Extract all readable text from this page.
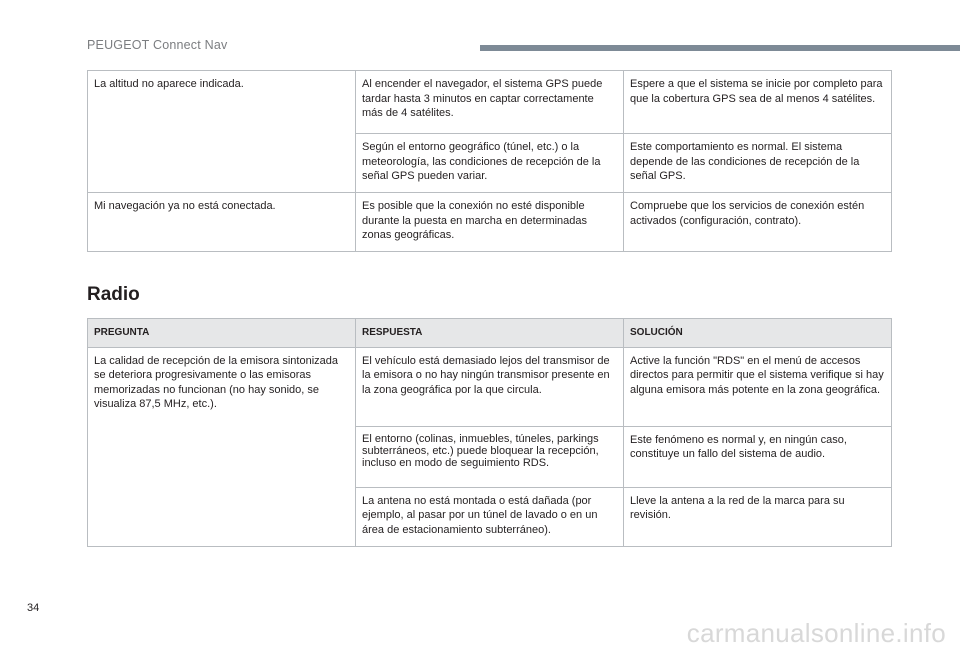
PEUGEOT Connect Nav
La altitud no aparece indicada.	Al encender el navegador, el sistema GPS puede tardar hasta 3 minutos en captar correctamente más de 4 satélites.	Espere a que el sistema se inicie por completo para que la cobertura GPS sea de al menos 4 satélites.
	Según el entorno geográfico (túnel, etc.) o la meteorología, las condiciones de recepción de la señal GPS pueden variar.	Este comportamiento es normal. El sistema depende de las condiciones de recepción de la señal GPS.
Mi navegación ya no está conectada.	Es posible que la conexión no esté disponible durante la puesta en marcha en determinadas zonas geográficas.	Compruebe que los servicios de conexión estén activados (configuración, contrato).
Radio
PREGUNTA	RESPUESTA	SOLUCIÓN
La calidad de recepción de la emisora sintonizada se deteriora progresivamente o las emisoras memorizadas no funcionan (no hay sonido, se visualiza 87,5 MHz, etc.).	El vehículo está demasiado lejos del transmisor de la emisora o no hay ningún transmisor presente en la zona geográfica por la que circula.	Active la función "RDS" en el menú de accesos directos para permitir que el sistema verifique si hay alguna emisora más potente en la zona geográfica.
	El entorno (colinas, inmuebles, túneles, parkings subterráneos, etc.) puede bloquear la recepción, incluso en modo de seguimiento RDS.	Este fenómeno es normal y, en ningún caso, constituye un fallo del sistema de audio.
	La antena no está montada o está dañada (por ejemplo, al pasar por un túnel de lavado o en un área de estacionamiento subterráneo).	Lleve la antena a la red de la marca para su revisión.
34
carmanualsonline.info
